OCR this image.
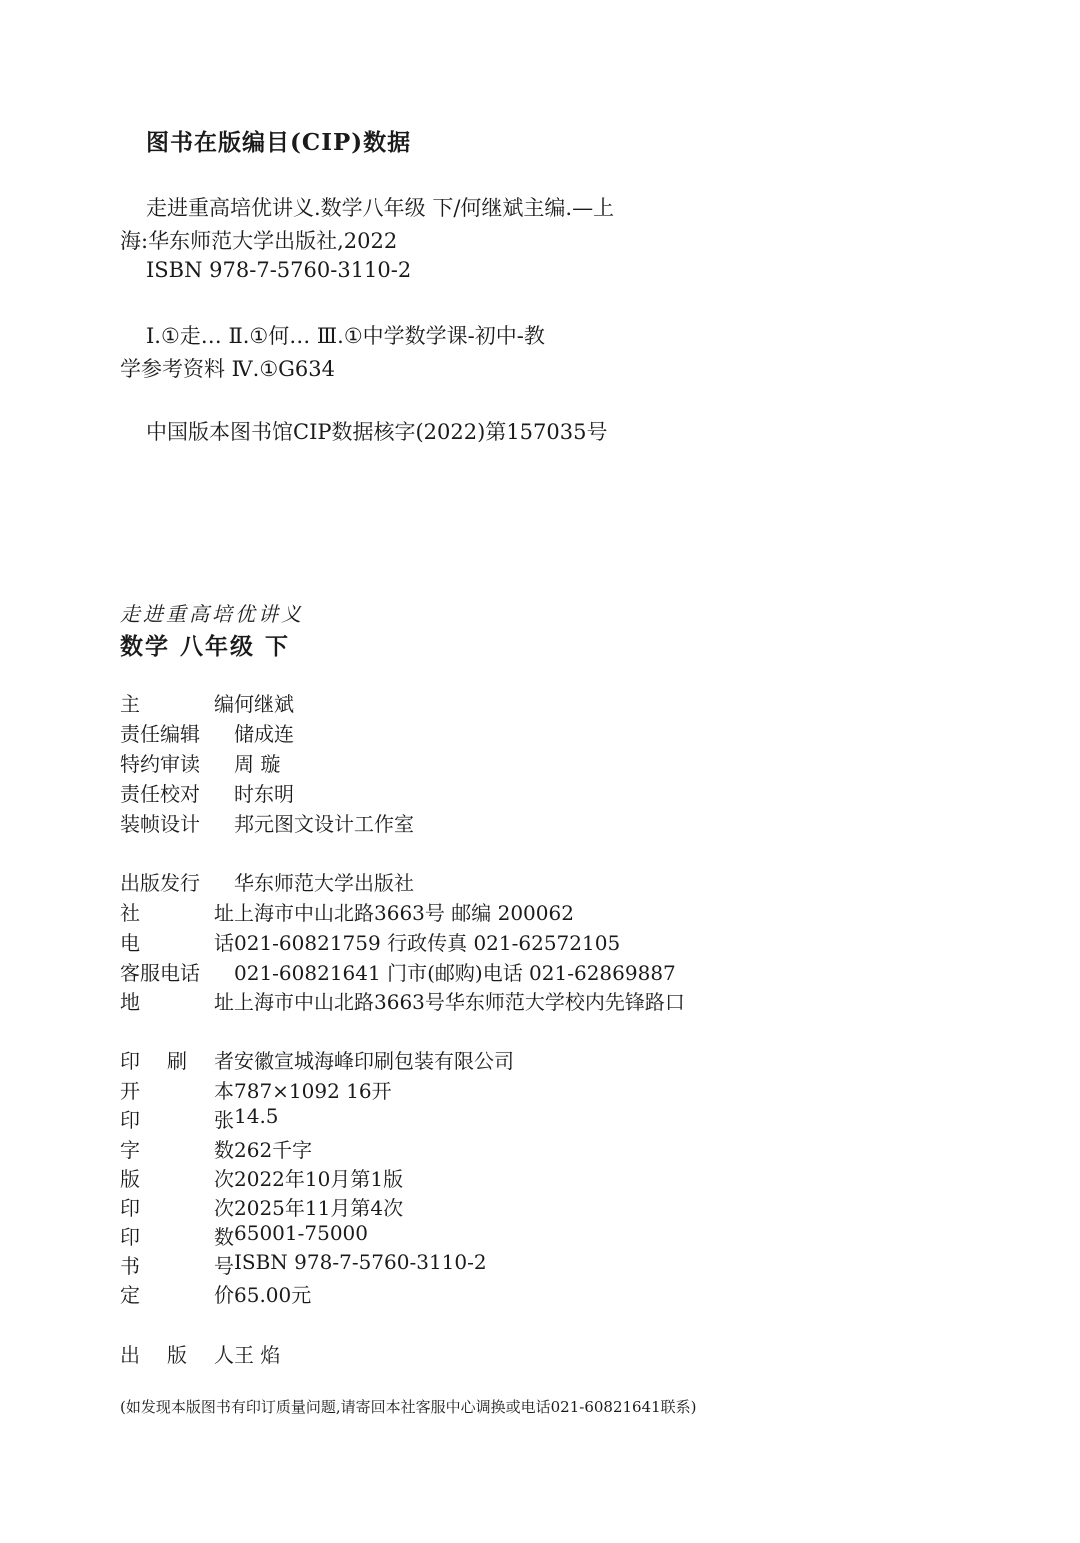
图书在版编目(CIP)数据
走进重高培优讲义.数学八年级 下/何继斌主编.—上
海:华东师范大学出版社,2022
ISBN 978-7-5760-3110-2
Ⅰ.①走… Ⅱ.①何… Ⅲ.①中学数学课-初中-教
学参考资料 Ⅳ.①G634
中国版本图书馆CIP数据核字(2022)第157035号
走进重高培优讲义
数学 八年级 下
主	编 何继斌
责任编辑	储成连
特约审读	周 璇
责任校对	时东明
装帧设计	邦元图文设计工作室
出版发行	华东师范大学出版社
社	址 上海市中山北路3663号 邮编 200062
电	话 021-60821759 行政传真 021-62572105
客服电话	021-60821641 门市(邮购)电话 021-62869887
地	址 上海市中山北路3663号华东师范大学校内先锋路口
印 刷 者 安徽宣城海峰印刷包装有限公司
开	本 787×1092 16开
印	张 14.5
字	数 262千字
版	次 2022年10月第1版
印	次 2025年11月第4次
印	数 65001-75000
书	号 ISBN 978-7-5760-3110-2
定	价 65.00元
出 版 人 王 焰
(如发现本版图书有印订质量问题,请寄回本社客服中心调换或电话021-60821641联系)
